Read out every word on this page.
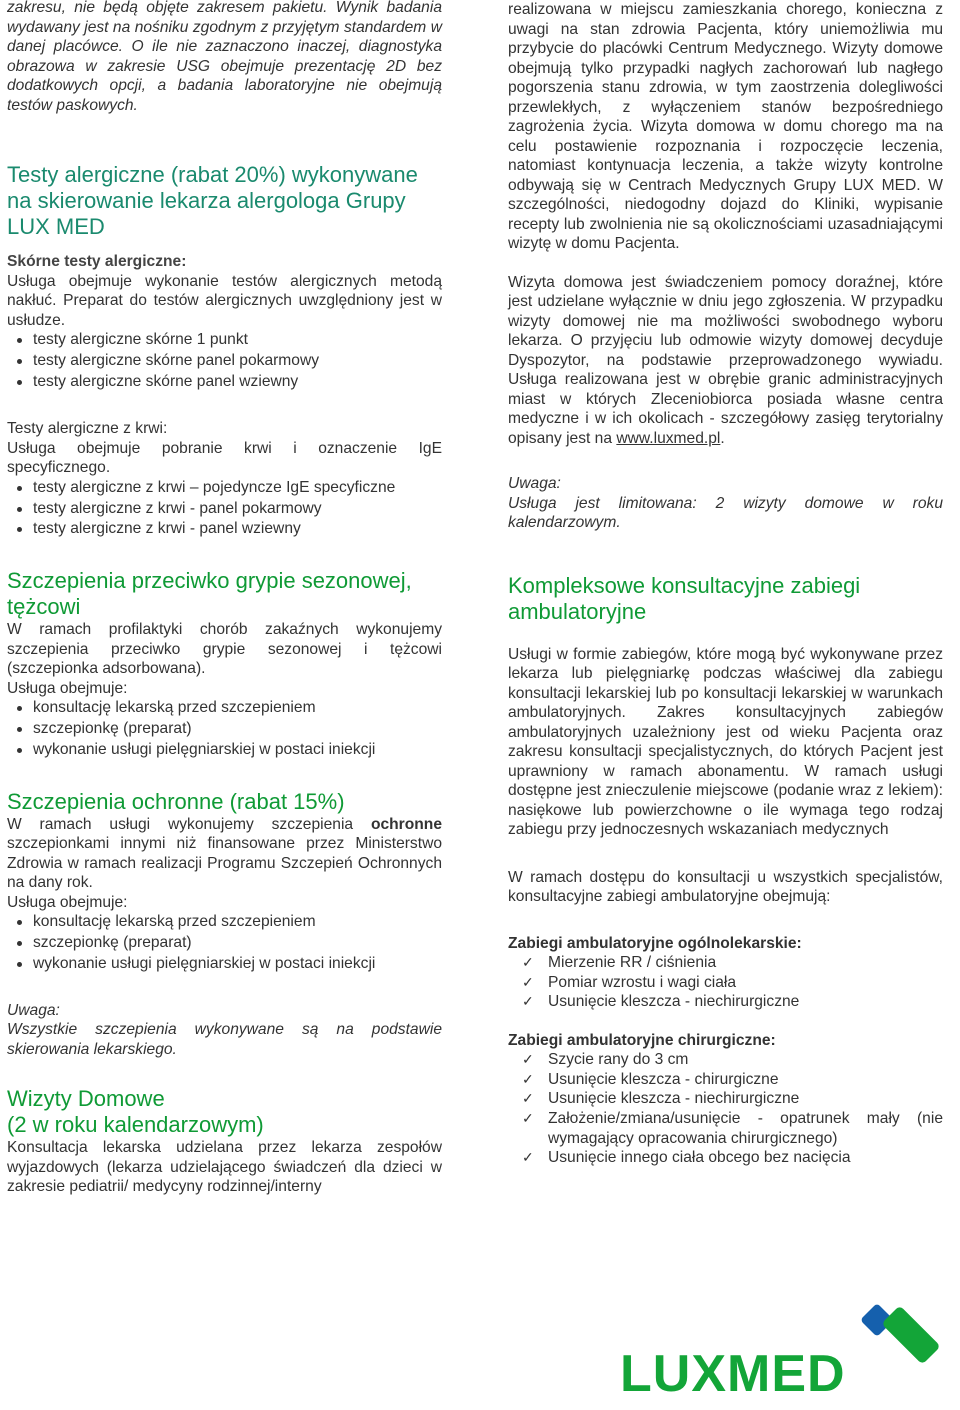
zakresu, nie będą objęte zakresem pakietu. Wynik badania wydawany jest na nośniku zgodnym z przyjętym standardem w danej placówce. O ile nie zaznaczono inaczej, diagnostyka obrazowa w zakresie USG obejmuje prezentację 2D bez dodatkowych opcji, a badania laboratoryjne nie obejmują testów paskowych.

Testy alergiczne (rabat 20%) wykonywane na skierowanie lekarza alergologa Grupy LUX MED

Skórne testy alergiczne:

Usługa obejmuje wykonanie testów alergicznych metodą nakłuć. Preparat do testów alergicznych uwzględniony jest w usłudze.

testy alergiczne skórne 1 punkt
testy alergiczne skórne panel pokarmowy
testy alergiczne skórne panel wziewny

Testy alergiczne z krwi:

Usługa obejmuje pobranie krwi i oznaczenie IgE specyficznego.

testy alergiczne z krwi – pojedyncze IgE specyficzne
testy alergiczne z krwi - panel pokarmowy
testy alergiczne z krwi - panel wziewny
Szczepienia przeciwko grypie sezonowej, tężcowi

W ramach profilaktyki chorób zakaźnych wykonujemy szczepienia przeciwko grypie sezonowej i tężcowi (szczepionka adsorbowana).

Usługa obejmuje:

konsultację lekarską przed szczepieniem
szczepionkę (preparat)
wykonanie usługi pielęgniarskiej w postaci iniekcji
Szczepienia ochronne (rabat 15%)

W ramach usługi wykonujemy szczepienia ochronne szczepionkami innymi niż finansowane przez Ministerstwo Zdrowia w ramach realizacji Programu Szczepień Ochronnych na dany rok.

Usługa obejmuje:

konsultację lekarską przed szczepieniem
szczepionkę (preparat)
wykonanie usługi pielęgniarskiej w postaci iniekcji

Uwaga:

Wszystkie szczepienia wykonywane są na podstawie skierowania lekarskiego.

Wizyty Domowe
(2 w roku kalendarzowym)

Konsultacja lekarska udzielana przez lekarza zespołów wyjazdowych (lekarza udzielającego świadczeń dla dzieci w zakresie pediatrii/ medycyny rodzinnej/interny

realizowana w miejscu zamieszkania chorego, konieczna z uwagi na stan zdrowia Pacjenta, który uniemożliwia mu przybycie do placówki Centrum Medycznego. Wizyty domowe obejmują tylko przypadki nagłych zachorowań lub nagłego pogorszenia stanu zdrowia, w tym zaostrzenia dolegliwości przewlekłych, z wyłączeniem stanów bezpośredniego zagrożenia życia. Wizyta domowa w domu chorego ma na celu postawienie rozpoznania i rozpoczęcie leczenia, natomiast kontynuacja leczenia, a także wizyty kontrolne odbywają się w Centrach Medycznych Grupy LUX MED. W szczególności, niedogodny dojazd do Kliniki, wypisanie recepty lub zwolnienia nie są okolicznościami uzasadniającymi wizytę w domu Pacjenta.

Wizyta domowa jest świadczeniem pomocy doraźnej, które jest udzielane wyłącznie w dniu jego zgłoszenia. W przypadku wizyty domowej nie ma możliwości swobodnego wyboru lekarza. O przyjęciu lub odmowie wizyty domowej decyduje Dyspozytor, na podstawie przeprowadzonego wywiadu. Usługa realizowana jest w obrębie granic administracyjnych miast w których Zleceniobiorca posiada własne centra medyczne i w ich okolicach - szczegółowy zasięg terytorialny opisany jest na www.luxmed.pl.

Uwaga:

Usługa jest limitowana: 2 wizyty domowe w roku kalendarzowym.

Kompleksowe konsultacyjne zabiegi ambulatoryjne

Usługi w formie zabiegów, które mogą być wykonywane przez lekarza lub pielęgniarkę podczas właściwej dla zabiegu konsultacji lekarskiej lub po konsultacji lekarskiej w warunkach ambulatoryjnych. Zakres konsultacyjnych zabiegów ambulatoryjnych uzależniony jest od wieku Pacjenta oraz zakresu konsultacji specjalistycznych, do których Pacjent jest uprawniony w ramach abonamentu. W ramach usługi dostępne jest znieczulenie miejscowe (podanie wraz z lekiem): nasiękowe lub powierzchowne o ile wymaga tego rodzaj zabiegu przy jednoczesnych wskazaniach medycznych

W ramach dostępu do konsultacji u wszystkich specjalistów, konsultacyjne zabiegi ambulatoryjne obejmują:

Zabiegi ambulatoryjne ogólnolekarskie:

✓ Mierzenie RR / ciśnienia
✓ Pomiar wzrostu i wagi ciała
✓ Usunięcie kleszcza - niechirurgiczne

Zabiegi ambulatoryjne chirurgiczne:

✓ Szycie rany do 3 cm
✓ Usunięcie kleszcza - chirurgiczne
✓ Usunięcie kleszcza - niechirurgiczne
✓ Założenie/zmiana/usunięcie - opatrunek mały (nie wymagający opracowania chirurgicznego)
✓ Usunięcie innego ciała obcego bez nacięcia
LUXMED
